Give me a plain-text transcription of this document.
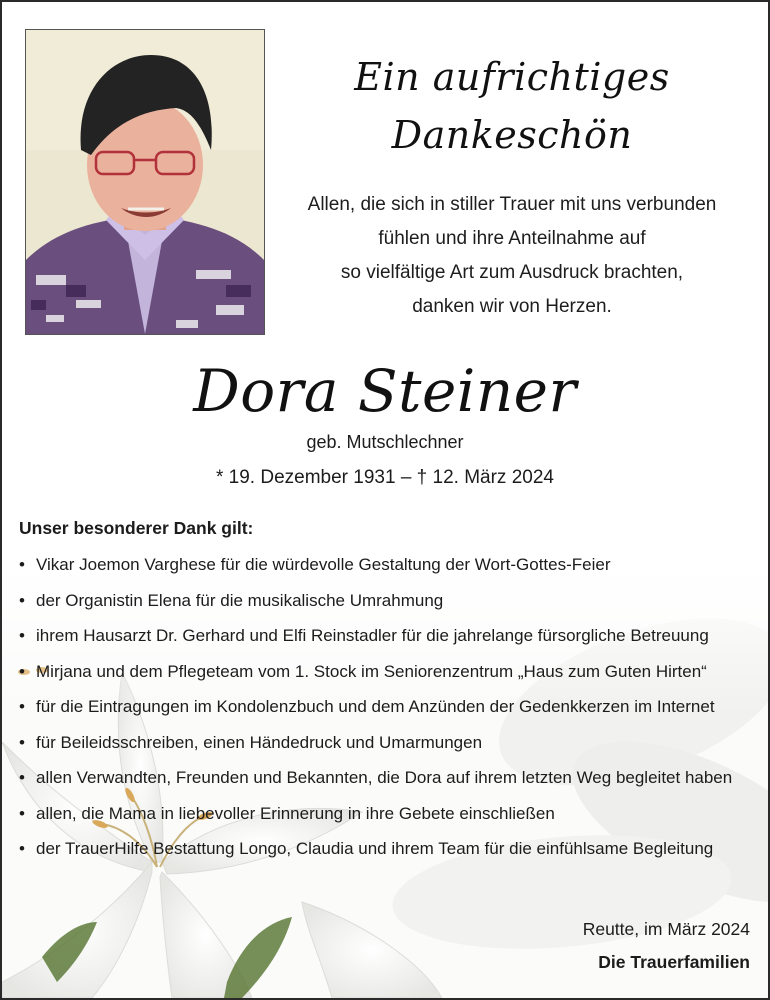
Ein aufrichtiges
Dankeschön
Allen, die sich in stiller Trauer mit uns verbunden
fühlen und ihre Anteilnahme auf
so vielfältige Art zum Ausdruck brachten,
danken wir von Herzen.
Dora Steiner
geb. Mutschlechner
* 19. Dezember 1931 – † 12. März 2024
Unser besonderer Dank gilt:
• Vikar Joemon Varghese für die würdevolle Gestaltung der Wort-Gottes-Feier
• der Organistin Elena für die musikalische Umrahmung
• ihrem Hausarzt Dr. Gerhard und Elfi Reinstadler für die jahrelange fürsorgliche Betreuung
• Mirjana und dem Pflegeteam vom 1. Stock im Seniorenzentrum „Haus zum Guten Hirten“
• für die Eintragungen im Kondolenzbuch und dem Anzünden der Gedenkkerzen im Internet
• für Beileidsschreiben, einen Händedruck und Umarmungen
• allen Verwandten, Freunden und Bekannten, die Dora auf ihrem letzten Weg begleitet haben
• allen, die Mama in liebevoller Erinnerung in ihre Gebete einschließen
• der TrauerHilfe Bestattung Longo, Claudia und ihrem Team für die einfühlsame Begleitung
Reutte, im März 2024
Die Trauerfamilien
